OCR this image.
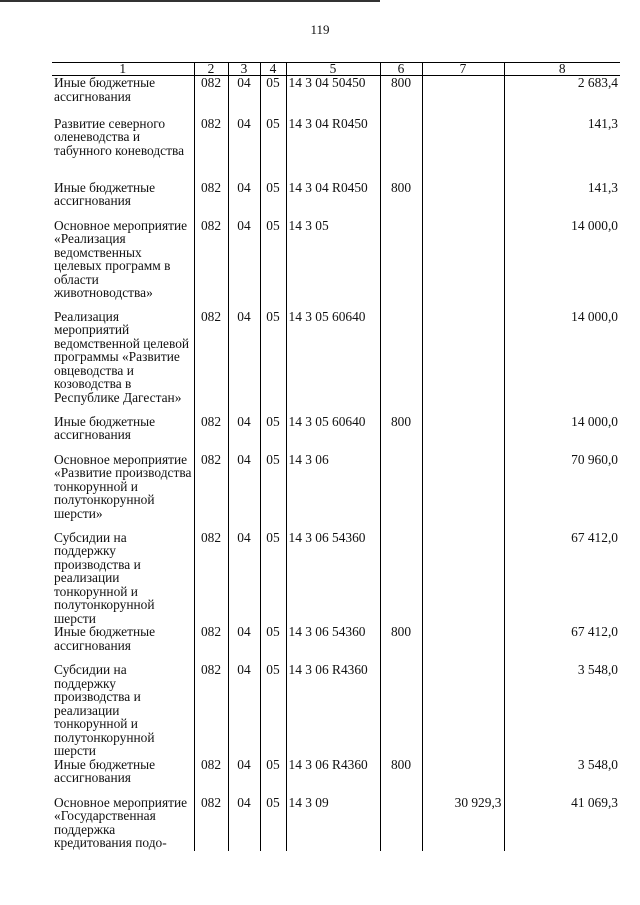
119
1	2	3	4	5	6	7	8
Иные бюджетные ассигнования	082	04	05	14 3 04 50450	800		2 683,4
Развитие северного оленеводства и табунного коневодства	082	04	05	14 3 04 R0450			141,3
Иные бюджетные ассигнования	082	04	05	14 3 04 R0450	800		141,3
Основное мероприятие «Реализация ведомственных целевых программ в области животноводства»	082	04	05	14 3 05			14 000,0
Реализация мероприятий ведомственной целевой программы «Развитие овцеводства и козоводства в Республике Дагестан»	082	04	05	14 3 05 60640			14 000,0
Иные бюджетные ассигнования	082	04	05	14 3 05 60640	800		14 000,0
Основное мероприятие «Развитие производства тонкорунной и полутонкорунной шерсти»	082	04	05	14 3 06			70 960,0
Субсидии на поддержку производства и реализации тонкорунной и полутонкорунной шерсти	082	04	05	14 3 06 54360			67 412,0
Иные бюджетные ассигнования	082	04	05	14 3 06 54360	800		67 412,0
Субсидии на поддержку производства и реализации тонкорунной и полутонкорунной шерсти	082	04	05	14 3 06 R4360			3 548,0
Иные бюджетные ассигнования	082	04	05	14 3 06 R4360	800		3 548,0
Основное мероприятие «Государственная поддержка кредитования подо-	082	04	05	14 3 09		30 929,3	41 069,3
